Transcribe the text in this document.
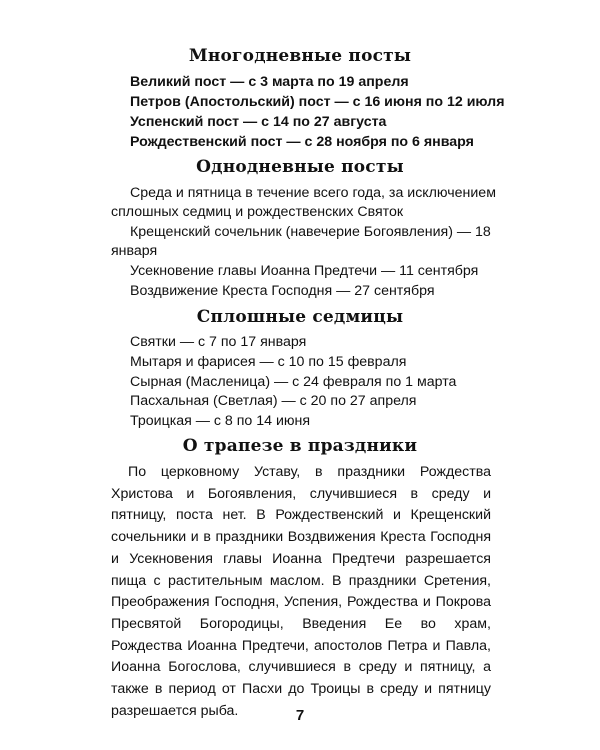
Многодневные посты

Великий пост — с 3 марта по 19 апреля

Петров (Апостольский) пост — с 16 июня по 12 июля

Успенский пост — с 14 по 27 августа

Рождественский пост — с 28 ноября по 6 января

Однодневные посты

Среда и пятница в течение всего года, за исключением

сплошных седмиц и рождественских Святок

Крещенский сочельник (навечерие Богоявления) — 18

января

Усекновение главы Иоанна Предтечи — 11 сентября

Воздвижение Креста Господня — 27 сентября

Сплошные седмицы

Святки — с 7 по 17 января

Мытаря и фарисея — с 10 по 15 февраля

Сырная (Масленица) — с 24 февраля по 1 марта

Пасхальная (Светлая) — с 20 по 27 апреля

Троицкая — с 8 по 14 июня

О трапезе в праздники

По церковному Уставу, в праздники Рождества Христова и Богоявления, случившиеся в среду и пятницу, поста нет. В Рождественский и Крещенский сочельники и в праздники Воздвижения Креста Господня и Усекновения главы Иоанна Предтечи разрешается пища с растительным маслом. В праздники Сретения, Преображения Господня, Успения, Рождества и Покрова Пресвятой Богородицы, Введения Ее во храм, Рождества Иоанна Предтечи, апостолов Петра и Павла, Иоанна Богослова, случившиеся в среду и пятницу, а также в период от Пасхи до Троицы в среду и пятницу разрешается рыба.	7
